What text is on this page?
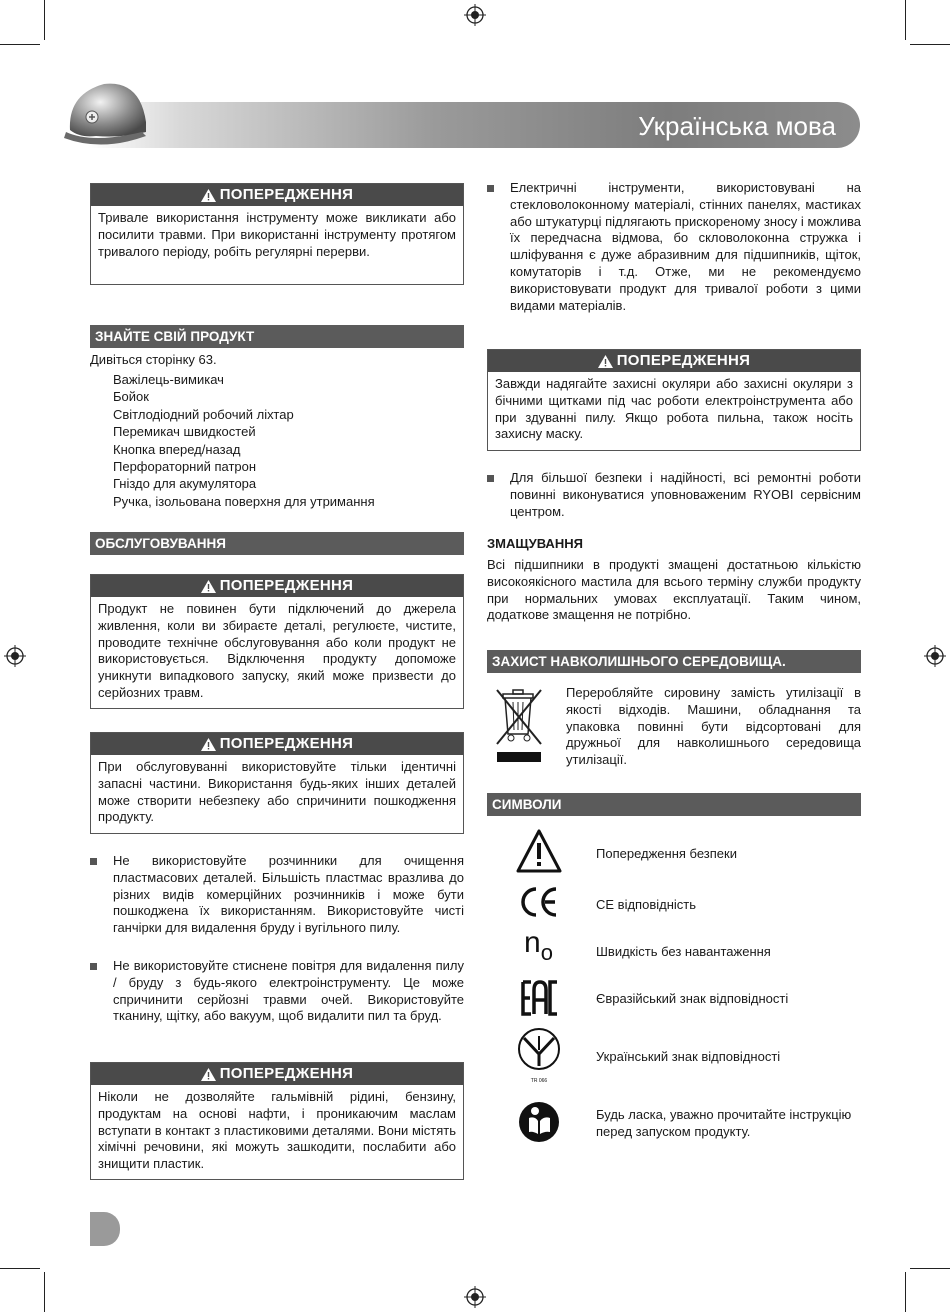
Українська мова
ПОПЕРЕДЖЕННЯ
Тривале використання інструменту може викликати або посилити травми. При використанні інструменту протягом тривалого періоду, робіть регулярні перерви.
ЗНАЙТЕ СВІЙ ПРОДУКТ
Дивіться сторінку 63.
Важілець-вимикач
Бойок
Світлодіодний робочий ліхтар
Перемикач швидкостей
Кнопка вперед/назад
Перфораторний патрон
Гніздо для акумулятора
Ручка, ізольована поверхня для утримання
ОБСЛУГОВУВАННЯ
ПОПЕРЕДЖЕННЯ
Продукт не повинен бути підключений до джерела живлення, коли ви збираєте деталі, регулюєте, чистите, проводите технічне обслуговування або коли продукт не використовується. Відключення продукту допоможе уникнути випадкового запуску, який може призвести до серйозних травм.
ПОПЕРЕДЖЕННЯ
При обслуговуванні використовуйте тільки ідентичні запасні частини. Використання будь-яких інших деталей може створити небезпеку або спричинити пошкодження продукту.
Не використовуйте розчинники для очищення пластмасових деталей. Більшість пластмас вразлива до різних видів комерційних розчинників і може бути пошкоджена їх використанням. Використовуйте чисті ганчірки для видалення бруду і вугільного пилу.
Не використовуйте стиснене повітря для видалення пилу / бруду з будь-якого електроінструменту. Це може спричинити серйозні травми очей. Використовуйте тканину, щітку, або вакуум, щоб видалити пил та бруд.
ПОПЕРЕДЖЕННЯ
Ніколи не дозволяйте гальмівній рідині, бензину, продуктам на основі нафти, і проникаючим маслам вступати в контакт з пластиковими деталями. Вони містять хімічні речовини, які можуть зашкодити, послабити або знищити пластик.
Електричні інструменти, використовувані на стекловолоконному матеріалі, стінних панелях, мастиках або штукатурці підлягають прискореному зносу і можлива їх передчасна відмова, бо скловолоконна стружка і шліфування є дуже абразивним для підшипників, щіток, комутаторів і т.д. Отже, ми не рекомендуємо використовувати продукт для тривалої роботи з цими видами матеріалів.
ПОПЕРЕДЖЕННЯ
Завжди надягайте захисні окуляри або захисні окуляри з бічними щитками під час роботи електроінструмента або при здуванні пилу. Якщо робота пильна, також носіть захисну маску.
Для більшої безпеки і надійності, всі ремонтні роботи повинні виконуватися уповноваженим RYOBI сервісним центром.
ЗМАЩУВАННЯ
Всі підшипники в продукті змащені достатньою кількістю високоякісного мастила для всього терміну служби продукту при нормальних умовах експлуатації. Таким чином, додаткове змащення не потрібно.
ЗАХИСТ НАВКОЛИШНЬОГО СЕРЕДОВИЩА.
Переробляйте сировину замість утилізації в якості відходів. Машини, обладнання та упаковка повинні бути відсортовані для дружньої для навколишнього середовища утилізації.
СИМВОЛИ
Попередження безпеки
CE відповідність
$n_o$	Швидкість без навантаження
Євразійський знак відповідності
TR 066
Український знак відповідності
Будь ласка, уважно прочитайте інструкцію перед запуском продукту.
